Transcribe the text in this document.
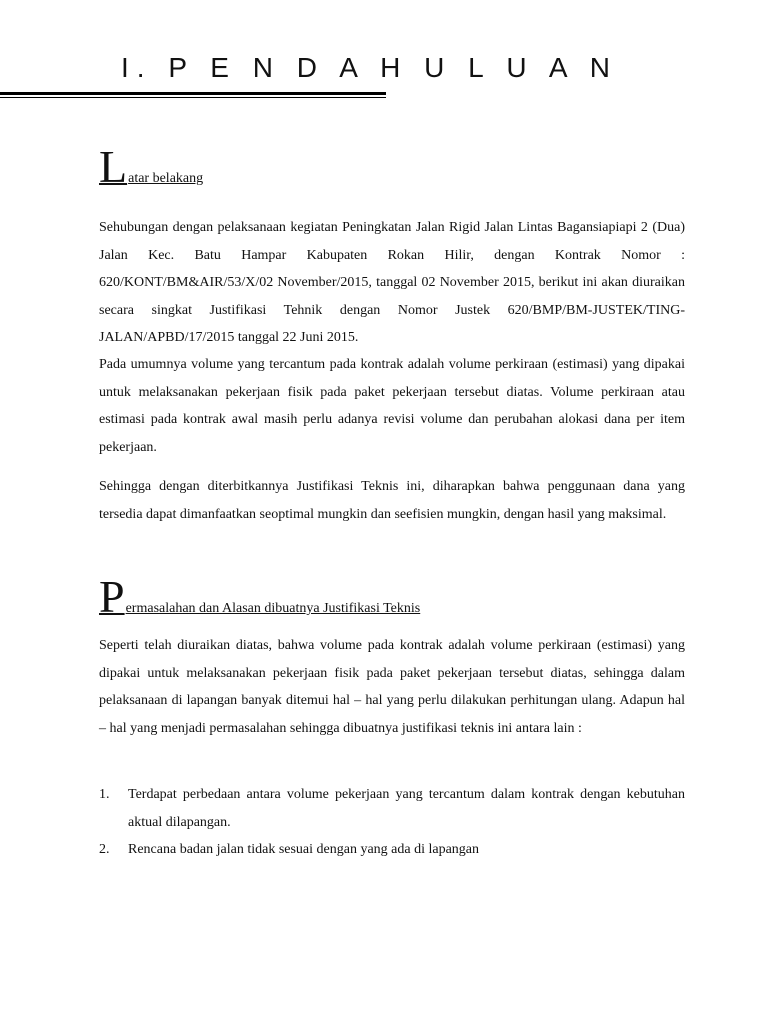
I. P E N D A H U L U A N
Latar belakang

Sehubungan dengan pelaksanaan kegiatan Peningkatan Jalan Rigid Jalan Lintas Bagansiapiapi 2 (Dua) Jalan Kec. Batu Hampar Kabupaten Rokan Hilir, dengan Kontrak Nomor : 620/KONT/BM&AIR/53/X/02 November/2015, tanggal 02 November 2015, berikut ini akan diuraikan secara singkat Justifikasi Tehnik dengan Nomor Justek 620/BMP/BM-JUSTEK/TING-JALAN/APBD/17/2015 tanggal 22 Juni 2015.

Pada umumnya volume yang tercantum pada kontrak adalah volume perkiraan (estimasi) yang dipakai untuk melaksanakan pekerjaan fisik pada paket pekerjaan tersebut diatas. Volume perkiraan atau estimasi pada kontrak awal masih perlu adanya revisi volume dan perubahan alokasi dana per item pekerjaan.

Sehingga dengan diterbitkannya Justifikasi Teknis ini, diharapkan bahwa penggunaan dana yang tersedia dapat dimanfaatkan seoptimal mungkin dan seefisien mungkin, dengan hasil yang maksimal.

Permasalahan dan Alasan dibuatnya Justifikasi Teknis

Seperti telah diuraikan diatas, bahwa volume pada kontrak adalah volume perkiraan (estimasi) yang dipakai untuk melaksanakan pekerjaan fisik pada paket pekerjaan tersebut diatas, sehingga dalam pelaksanaan di lapangan banyak ditemui hal – hal yang perlu dilakukan perhitungan ulang. Adapun hal – hal yang menjadi permasalahan sehingga dibuatnya justifikasi teknis ini antara lain :

1. Terdapat perbedaan antara volume pekerjaan yang tercantum dalam kontrak dengan kebutuhan aktual dilapangan.
2. Rencana badan jalan tidak sesuai dengan yang ada di lapangan
